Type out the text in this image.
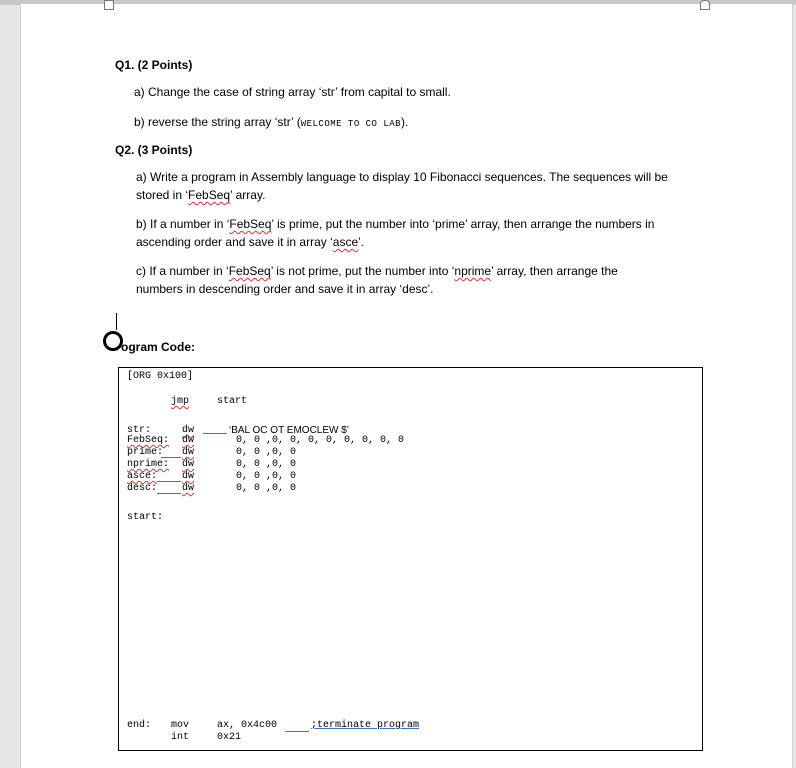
Q1. (2 Points)
a) Change the case of string array ‘str’ from capital to small.
b) reverse the string array ‘str’ (WELCOME TO CO LAB).
Q2. (3 Points)
a) Write a program in Assembly language to display 10 Fibonacci sequences. The sequences will be
stored in ‘FebSeq’ array.
b) If a number in ‘FebSeq’ is prime, put the number into ‘prime’ array, then arrange the numbers in
ascending order and save it in array ‘asce’.
c) If a number in ‘FebSeq’ is not prime, put the number into ‘nprime’ array, then arrange the
numbers in descending order and save it in array ‘desc’.
ogram Code:
[ORG 0x100]
jmp	start
str:	dw	‘BAL OC OT EMOCLEW $’
FebSeq: dw	0, 0 ,0, 0, 0, 0, 0, 0, 0, 0
prime: dw	0, 0 ,0, 0
nprime: dw	0, 0 ,0, 0
asce: dw	0, 0 ,0, 0
desc: dw	0, 0 ,0, 0
start:
end: mov	ax, 0x4c00	;terminate program
int	0x21
